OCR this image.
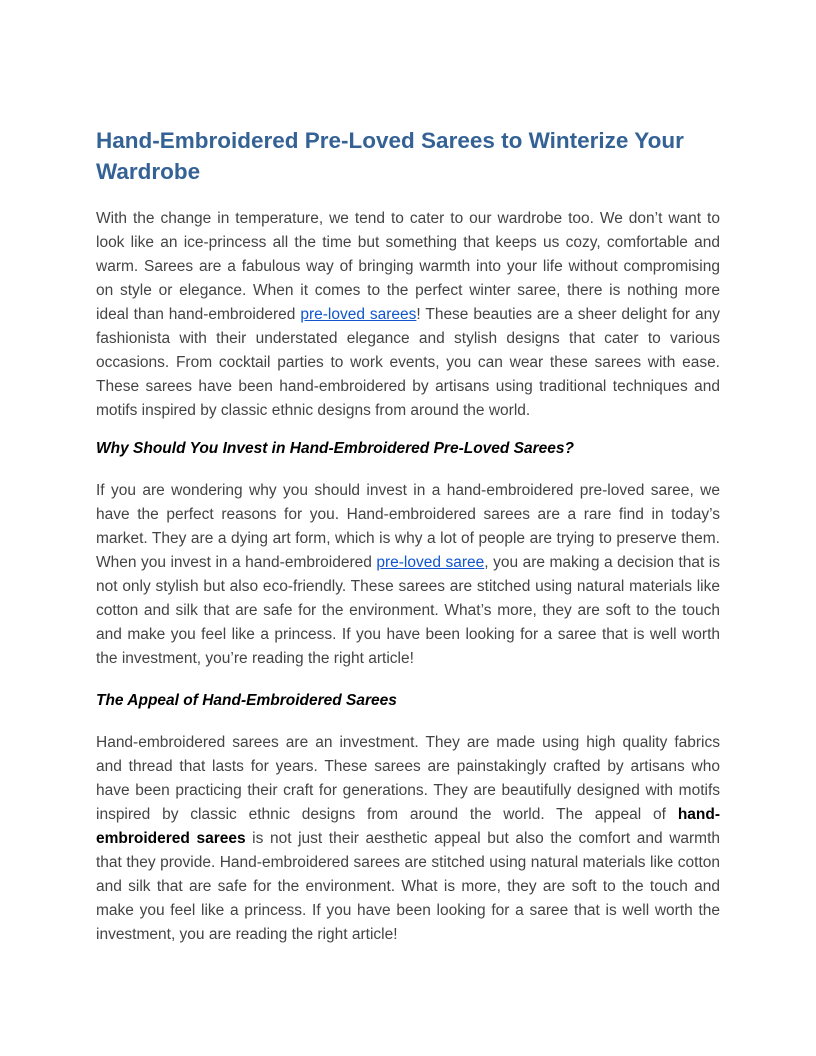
Hand-Embroidered Pre-Loved Sarees to Winterize Your Wardrobe

With the change in temperature, we tend to cater to our wardrobe too. We don’t want to look like an ice-princess all the time but something that keeps us cozy, comfortable and warm. Sarees are a fabulous way of bringing warmth into your life without compromising on style or elegance. When it comes to the perfect winter saree, there is nothing more ideal than hand-embroidered pre-loved sarees! These beauties are a sheer delight for any fashionista with their understated elegance and stylish designs that cater to various occasions. From cocktail parties to work events, you can wear these sarees with ease. These sarees have been hand-embroidered by artisans using traditional techniques and motifs inspired by classic ethnic designs from around the world.

Why Should You Invest in Hand-Embroidered Pre-Loved Sarees?

If you are wondering why you should invest in a hand-embroidered pre-loved saree, we have the perfect reasons for you. Hand-embroidered sarees are a rare find in today’s market. They are a dying art form, which is why a lot of people are trying to preserve them. When you invest in a hand-embroidered pre-loved saree, you are making a decision that is not only stylish but also eco-friendly. These sarees are stitched using natural materials like cotton and silk that are safe for the environment. What’s more, they are soft to the touch and make you feel like a princess. If you have been looking for a saree that is well worth the investment, you’re reading the right article!

The Appeal of Hand-Embroidered Sarees

Hand-embroidered sarees are an investment. They are made using high quality fabrics and thread that lasts for years. These sarees are painstakingly crafted by artisans who have been practicing their craft for generations. They are beautifully designed with motifs inspired by classic ethnic designs from around the world. The appeal of hand-embroidered sarees is not just their aesthetic appeal but also the comfort and warmth that they provide. Hand-embroidered sarees are stitched using natural materials like cotton and silk that are safe for the environment. What is more, they are soft to the touch and make you feel like a princess. If you have been looking for a saree that is well worth the investment, you are reading the right article!
